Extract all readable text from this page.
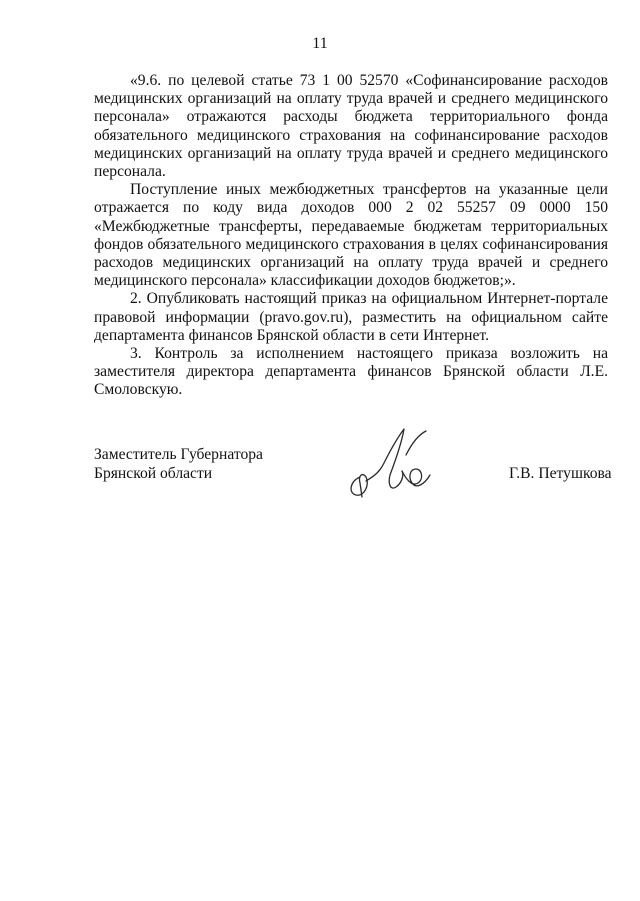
11

«9.6. по целевой статье 73 1 00 52570 «Софинансирование расходов медицинских организаций на оплату труда врачей и среднего медицинского персонала» отражаются расходы бюджета территориального фонда обязательного медицинского страхования на софинансирование расходов медицинских организаций на оплату труда врачей и среднего медицинского персонала.

Поступление иных межбюджетных трансфертов на указанные цели отражается по коду вида доходов 000 2 02 55257 09 0000 150 «Межбюджетные трансферты, передаваемые бюджетам территориальных фондов обязательного медицинского страхования в целях софинансирования расходов медицинских организаций на оплату труда врачей и среднего медицинского персонала» классификации доходов бюджетов;».

2. Опубликовать настоящий приказ на официальном Интернет-портале правовой информации (pravo.gov.ru), разместить на официальном сайте департамента финансов Брянской области в сети Интернет.

3. Контроль за исполнением настоящего приказа возложить на заместителя директора департамента финансов Брянской области Л.Е. Смоловскую.

Заместитель Губернатора
Брянской области	Г.В. Петушкова
